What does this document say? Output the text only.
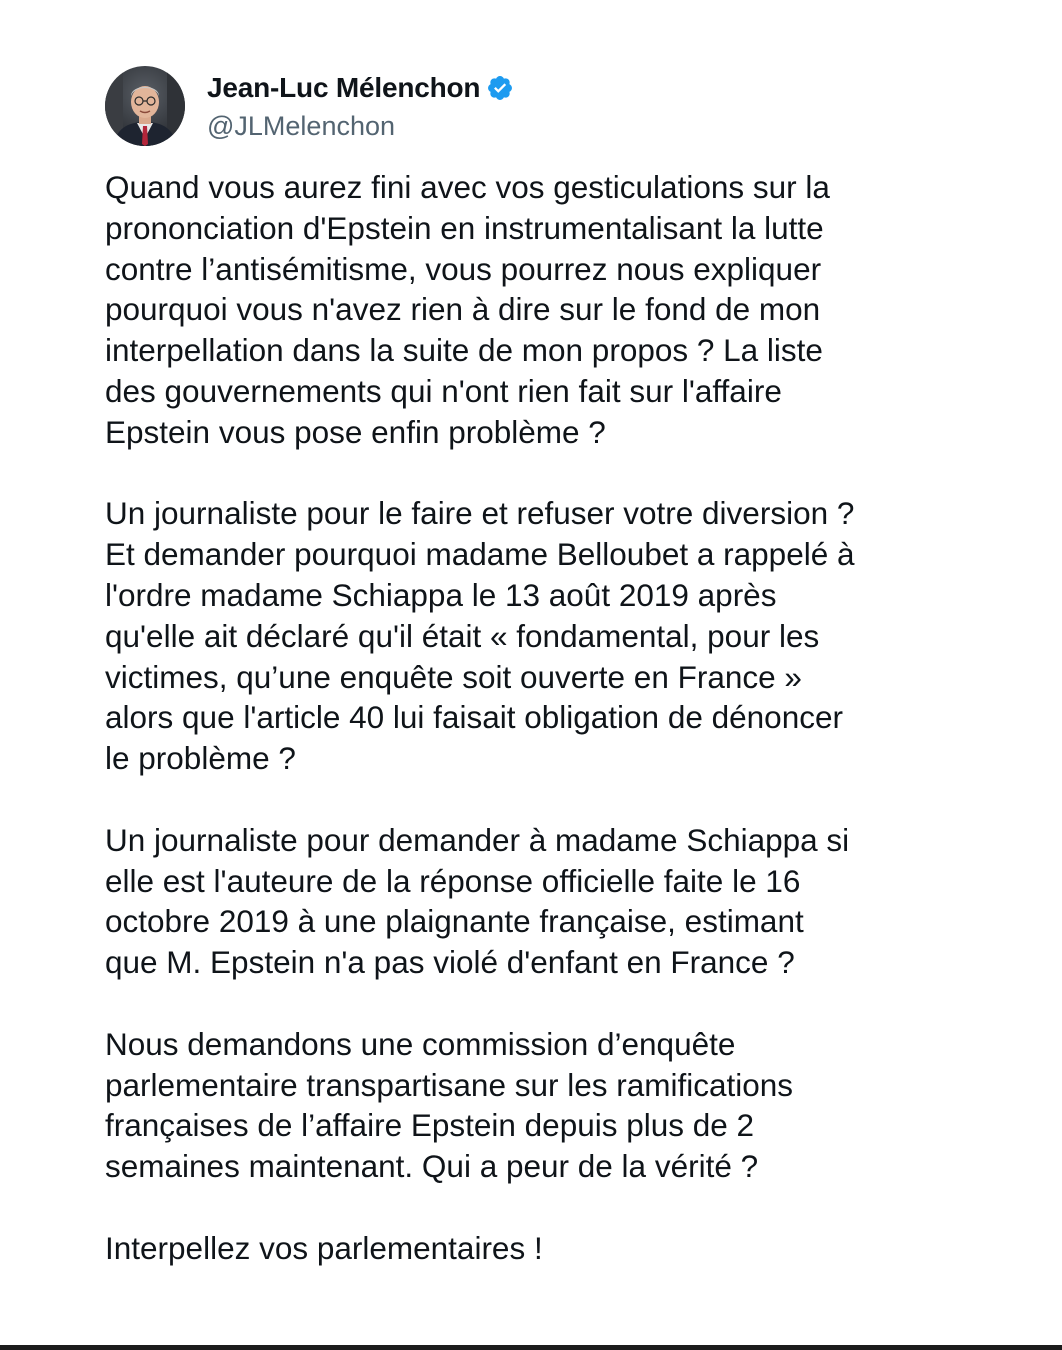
Jean-Luc Mélenchon
@JLMelenchon

Quand vous aurez fini avec vos gesticulations sur la
prononciation d'Epstein en instrumentalisant la lutte
contre l’antisémitisme, vous pourrez nous expliquer
pourquoi vous n'avez rien à dire sur le fond de mon
interpellation dans la suite de mon propos ? La liste
des gouvernements qui n'ont rien fait sur l'affaire
Epstein vous pose enfin problème ?

Un journaliste pour le faire et refuser votre diversion ?
Et demander pourquoi madame Belloubet a rappelé à
l'ordre madame Schiappa le 13 août 2019 après
qu'elle ait déclaré qu'il était « fondamental, pour les
victimes, qu’une enquête soit ouverte en France »
alors que l'article 40 lui faisait obligation de dénoncer
le problème ?

Un journaliste pour demander à madame Schiappa si
elle est l'auteure de la réponse officielle faite le 16
octobre 2019 à une plaignante française, estimant
que M. Epstein n'a pas violé d'enfant en France ?

Nous demandons une commission d’enquête
parlementaire transpartisane sur les ramifications
françaises de l’affaire Epstein depuis plus de 2
semaines maintenant. Qui a peur de la vérité ?

Interpellez vos parlementaires !
